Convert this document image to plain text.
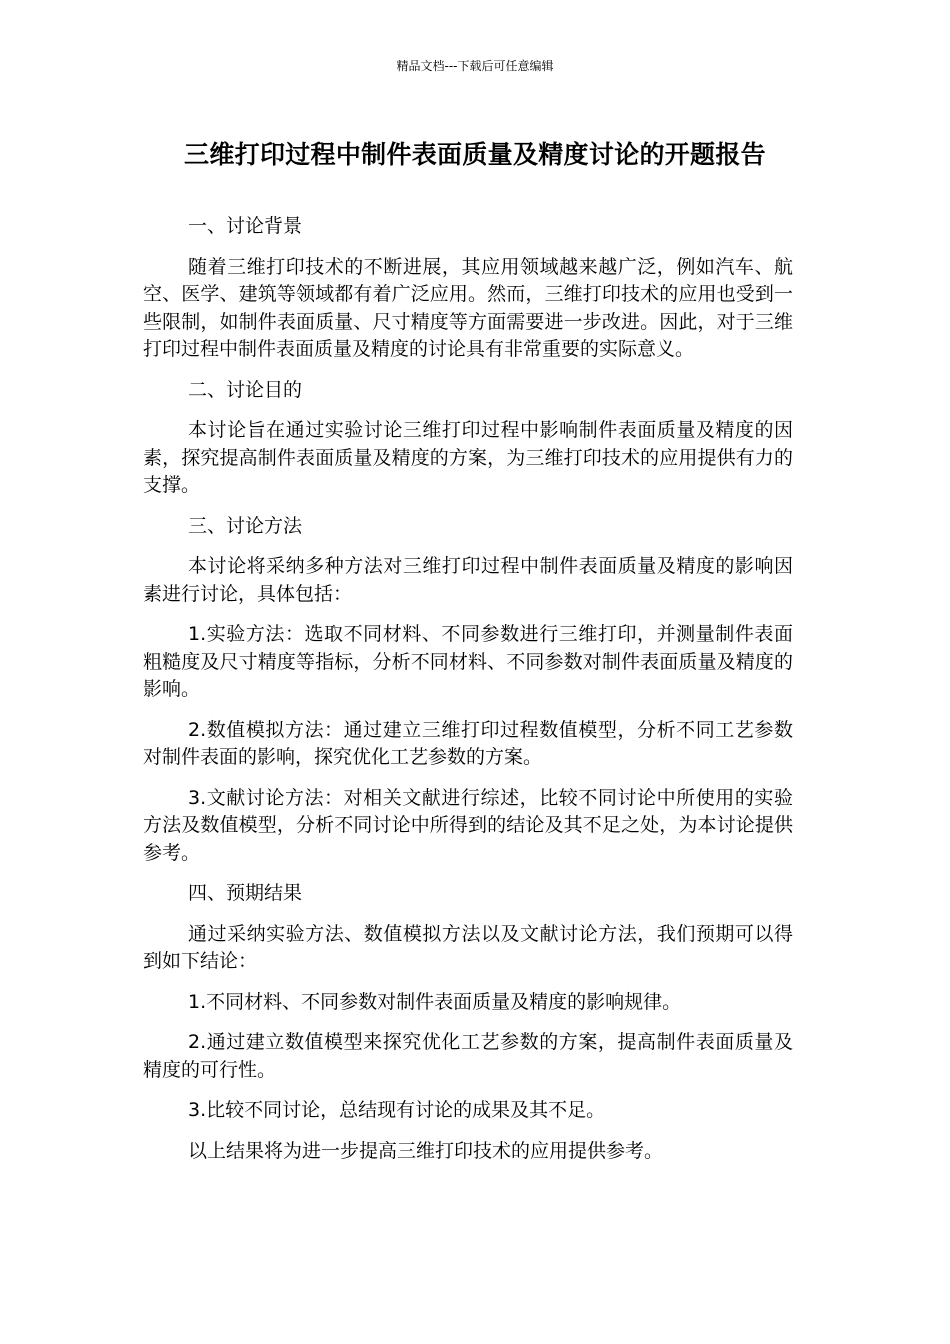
精品文档---下载后可任意编辑
三维打印过程中制件表面质量及精度讨论的开题报告

一、讨论背景

随着三维打印技术的不断进展，其应用领域越来越广泛，例如汽车、航空、医学、建筑等领域都有着广泛应用。然而，三维打印技术的应用也受到一些限制，如制件表面质量、尺寸精度等方面需要进一步改进。因此，对于三维打印过程中制件表面质量及精度的讨论具有非常重要的实际意义。

二、讨论目的

本讨论旨在通过实验讨论三维打印过程中影响制件表面质量及精度的因素，探究提高制件表面质量及精度的方案，为三维打印技术的应用提供有力的支撑。

三、讨论方法

本讨论将采纳多种方法对三维打印过程中制件表面质量及精度的影响因素进行讨论，具体包括：

1.实验方法：选取不同材料、不同参数进行三维打印，并测量制件表面粗糙度及尺寸精度等指标，分析不同材料、不同参数对制件表面质量及精度的影响。

2.数值模拟方法：通过建立三维打印过程数值模型，分析不同工艺参数对制件表面的影响，探究优化工艺参数的方案。

3.文献讨论方法：对相关文献进行综述，比较不同讨论中所使用的实验方法及数值模型，分析不同讨论中所得到的结论及其不足之处，为本讨论提供参考。

四、预期结果

通过采纳实验方法、数值模拟方法以及文献讨论方法，我们预期可以得到如下结论：

1.不同材料、不同参数对制件表面质量及精度的影响规律。

2.通过建立数值模型来探究优化工艺参数的方案，提高制件表面质量及精度的可行性。

3.比较不同讨论，总结现有讨论的成果及其不足。

以上结果将为进一步提高三维打印技术的应用提供参考。
